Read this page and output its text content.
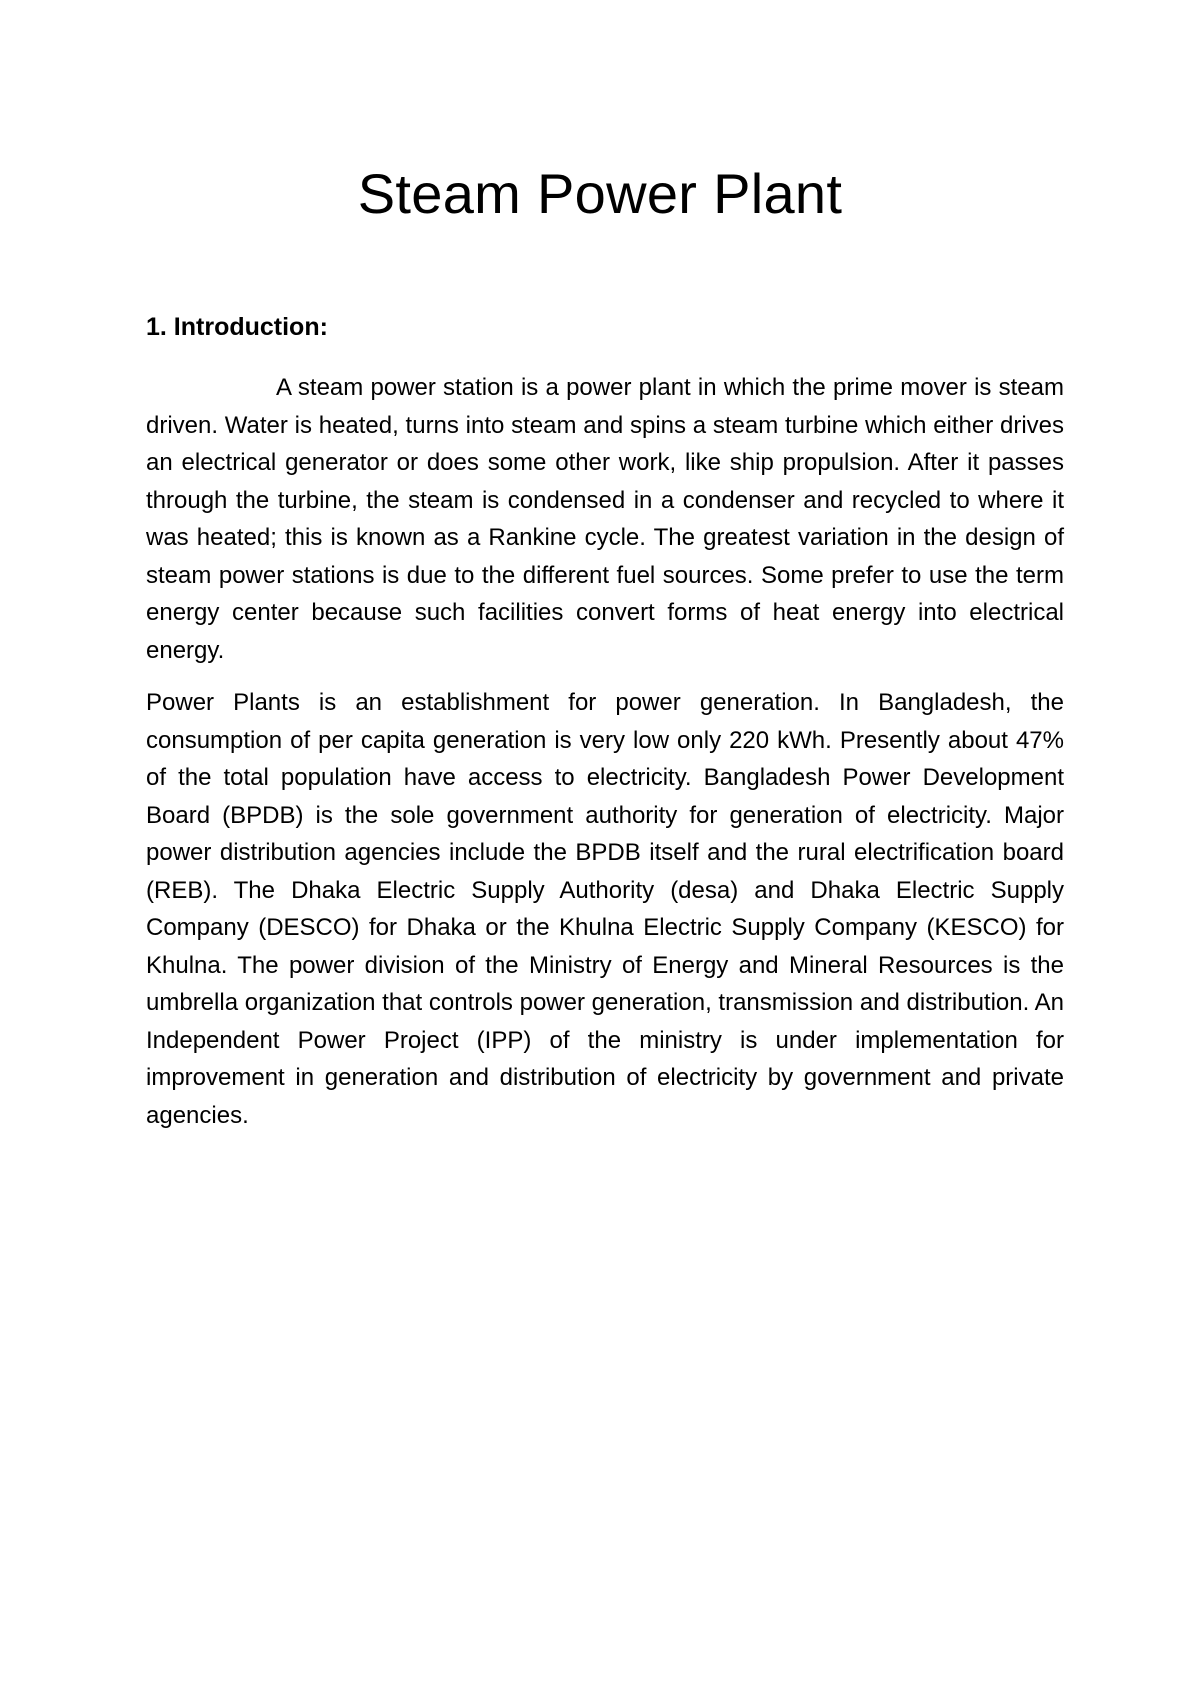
Steam Power Plant
1. Introduction:

A steam power station is a power plant in which the prime mover is steam driven. Water is heated, turns into steam and spins a steam turbine which either drives an electrical generator or does some other work, like ship propulsion. After it passes through the turbine, the steam is condensed in a condenser and recycled to where it was heated; this is known as a Rankine cycle. The greatest variation in the design of steam power stations is due to the different fuel sources. Some prefer to use the term energy center because such facilities convert forms of heat energy into electrical energy.

Power Plants is an establishment for power generation. In Bangladesh, the consumption of per capita generation is very low only 220 kWh. Presently about 47% of the total population have access to electricity. Bangladesh Power Development Board (BPDB) is the sole government authority for generation of electricity. Major power distribution agencies include the BPDB itself and the rural electrification board (REB). The Dhaka Electric Supply Authority (desa) and Dhaka Electric Supply Company (DESCO) for Dhaka or the Khulna Electric Supply Company (KESCO) for Khulna. The power division of the Ministry of Energy and Mineral Resources is the umbrella organization that controls power generation, transmission and distribution. An Independent Power Project (IPP) of the ministry is under implementation for improvement in generation and distribution of electricity by government and private agencies.
